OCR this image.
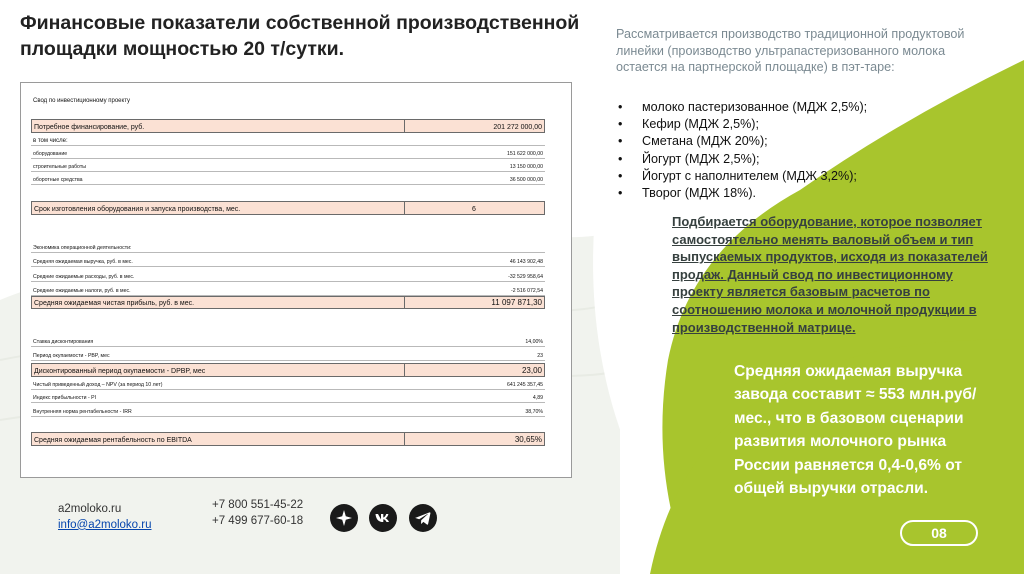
Финансовые показатели собственной производственной площадки мощностью 20 т/сутки.
Свод по инвестиционному проекту
Потребное финансирование, руб.	201 272 000,00
в том числе:
оборудование	151 622 000,00
строительные работы	13 150 000,00
оборотные средства	36 500 000,00
Срок изготовления оборудования и запуска производства, мес.	6
Экономика операционной деятельности:
Средняя ожидаемая выручка, руб. в мес.	46 143 902,48
Средние ожидаемые расходы, руб. в мес.	-32 529 958,64
Средние ожидаемые налоги, руб. в мес.	-2 516 072,54
Средняя ожидаемая чистая прибыль, руб. в мес.	11 097 871,30
Ставка дисконтирования	14,00%
Период окупаемости - PBP, мес	23
Дисконтированный период окупаемости - DPBP, мес	23,00
Чистый приведенный доход – NPV (за период 10 лет)	641 245 357,45
Индекс прибыльности - PI	4,89
Внутренняя норма рентабельности - IRR	38,70%
Средняя ожидаемая рентабельность по EBITDA	30,65%
Рассматривается производство традиционной продуктовой линейки (производство ультрапастеризованного молока остается на партнерской площадке) в пэт-таре:
• молоко пастеризованное (МДЖ 2,5%);
• Кефир (МДЖ 2,5%);
• Сметана (МДЖ 20%);
• Йогурт (МДЖ 2,5%);
• Йогурт с наполнителем (МДЖ 3,2%);
• Творог (МДЖ 18%).
Подбирается оборудование, которое позволяет самостоятельно менять валовый объем и тип выпускаемых продуктов, исходя из показателей продаж. Данный свод по инвестиционному проекту является базовым расчетов по соотношению молока и молочной продукции в производственной матрице.
Средняя ожидаемая выручка завода составит ≈ 553 млн.руб/мес., что в базовом сценарии развития молочного рынка России равняется 0,4-0,6% от общей выручки отрасли.
a2moloko.ru
info@a2moloko.ru
+7 800 551-45-22
+7 499 677-60-18
08
